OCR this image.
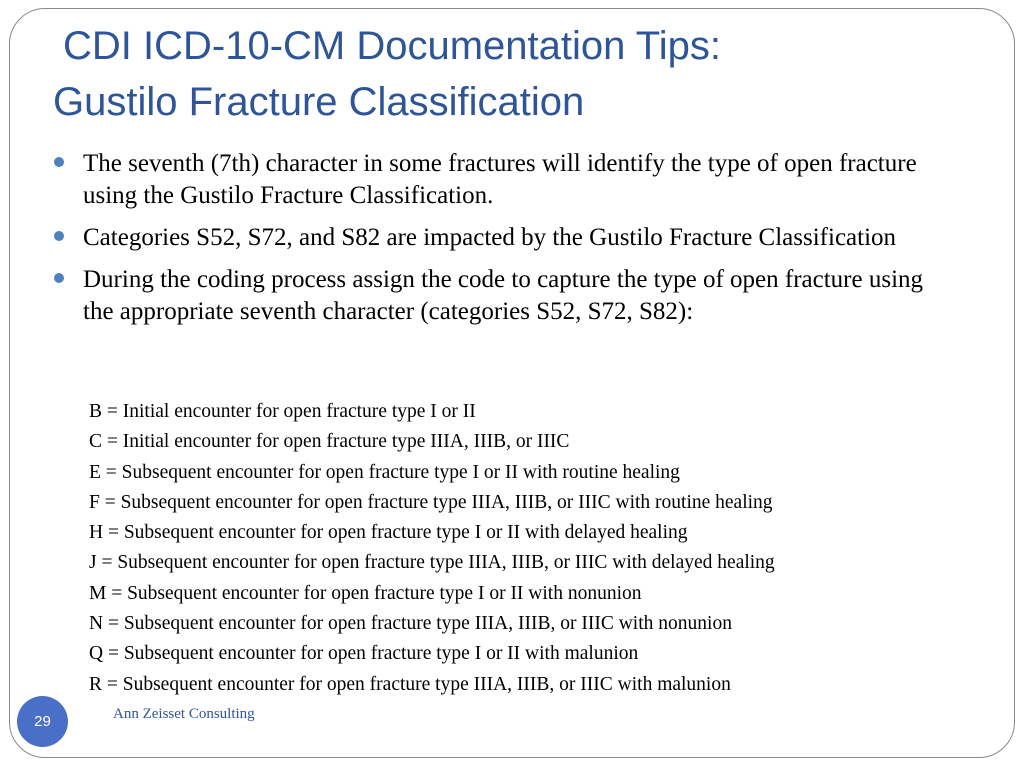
CDI ICD-10-CM Documentation Tips:
Gustilo Fracture Classification
The seventh (7th) character in some fractures will identify the type of open fracture using the Gustilo Fracture Classification.
Categories S52, S72, and S82 are impacted by the Gustilo Fracture Classification
During the coding process assign the code to capture the type of open fracture using the appropriate seventh character (categories S52, S72, S82):
B = Initial encounter for open fracture type I or II
C = Initial encounter for open fracture type IIIA, IIIB, or IIIC
E = Subsequent encounter for open fracture type I or II with routine healing
F = Subsequent encounter for open fracture type IIIA, IIIB, or IIIC with routine healing
H = Subsequent encounter for open fracture type I or II with delayed healing
J = Subsequent encounter for open fracture type IIIA, IIIB, or IIIC with delayed healing
M = Subsequent encounter for open fracture type I or II with nonunion
N = Subsequent encounter for open fracture type IIIA, IIIB, or IIIC with nonunion
Q = Subsequent encounter for open fracture type I or II with malunion
R = Subsequent encounter for open fracture type IIIA, IIIB, or IIIC with malunion
29	Ann Zeisset Consulting
